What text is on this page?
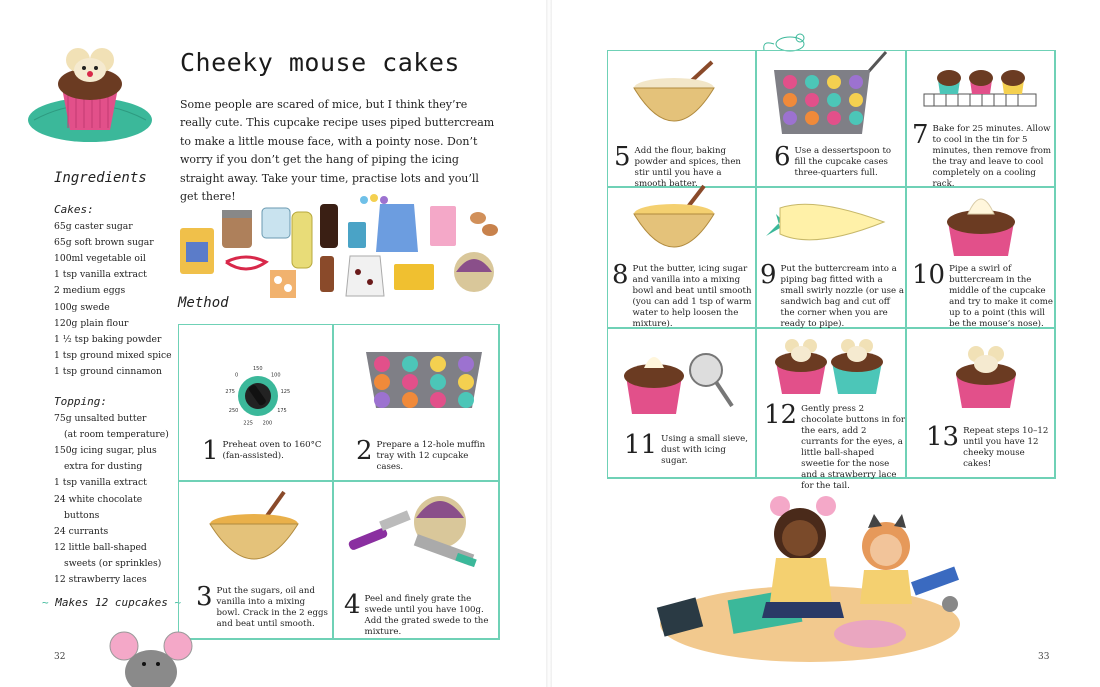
Cheeky mouse cakes
Some people are scared of mice, but I think they’re really cute. This cupcake recipe uses piped buttercream to make a little mouse face, with a pointy nose. Don’t worry if you don’t get the hang of piping the icing straight away. Take your time, practise lots and you’ll get there!
Ingredients
Cakes:
65g caster sugar
65g soft brown sugar
100ml vegetable oil
1 tsp vanilla extract
2 medium eggs
100g swede
120g plain flour
1 ½ tsp baking powder
1 tsp ground mixed spice
1 tsp ground cinnamon
Topping:
75g unsalted butter
(at room temperature)
150g icing sugar, plus
extra for dusting
1 tsp vanilla extract
24 white chocolate
buttons
24 currants
12 little ball-shaped
sweets (or sprinkles)
12 strawberry laces
~ Makes 12 cupcakes ~
Method
150
100
125
175
200
225
250
275
0
1 Preheat oven to 160°C (fan-assisted).	2 Prepare a 12-hole muffin tray with 12 cupcake cases.
3 Put the sugars, oil and vanilla into a mixing bowl. Crack in the 2 eggs and beat until smooth.
4 Peel and finely grate the swede until you have 100g. Add the grated swede to the mixture.
32
5 Add the flour, baking powder and spices, then stir until you have a smooth batter.
6 Use a dessertspoon to fill the cupcake cases three-quarters full.
7 Bake for 25 minutes. Allow to cool in the tin for 5 minutes, then remove from the tray and leave to cool completely on a cooling rack.
8 Put the butter, icing sugar and vanilla into a mixing bowl and beat until smooth (you can add 1 tsp of warm water to help loosen the mixture).
9 Put the buttercream into a piping bag fitted with a small swirly nozzle (or use a sandwich bag and cut off the corner when you are ready to pipe).
10 Pipe a swirl of buttercream in the middle of the cupcake and try to make it come up to a point (this will be the mouse’s nose).
11 Using a small sieve, dust with icing sugar.
12 Gently press 2 chocolate buttons in for the ears, add 2 currants for the eyes, a little ball-shaped sweetie for the nose and a strawberry lace for the tail.
13 Repeat steps 10–12 until you have 12 cheeky mouse cakes!
33
